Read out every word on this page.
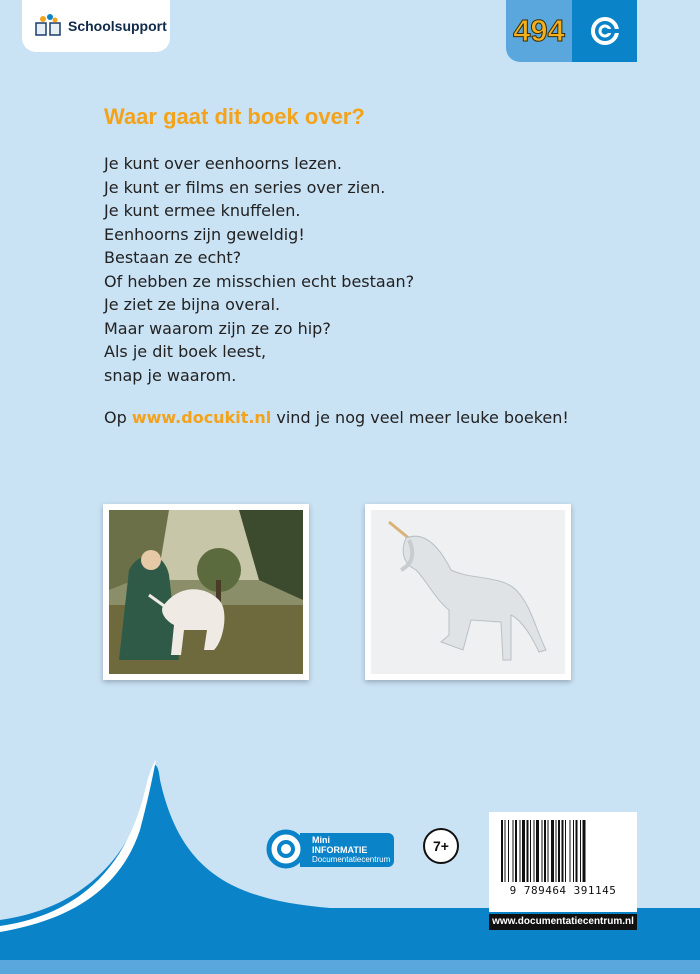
Schoolsupport	494
Waar gaat dit boek over?
Je kunt over eenhoorns lezen.
Je kunt er films en series over zien.
Je kunt ermee knuffelen.
Eenhoorns zijn geweldig!
Bestaan ze echt?
Of hebben ze misschien echt bestaan?
Je ziet ze bijna overal.
Maar waarom zijn ze zo hip?
Als je dit boek leest,
snap je waarom.
Op www.docukit.nl vind je nog veel meer leuke boeken!
Mini
INFORMATIE
Documentatiecentrum
7+
9 789464 391145
www.documentatiecentrum.nl
